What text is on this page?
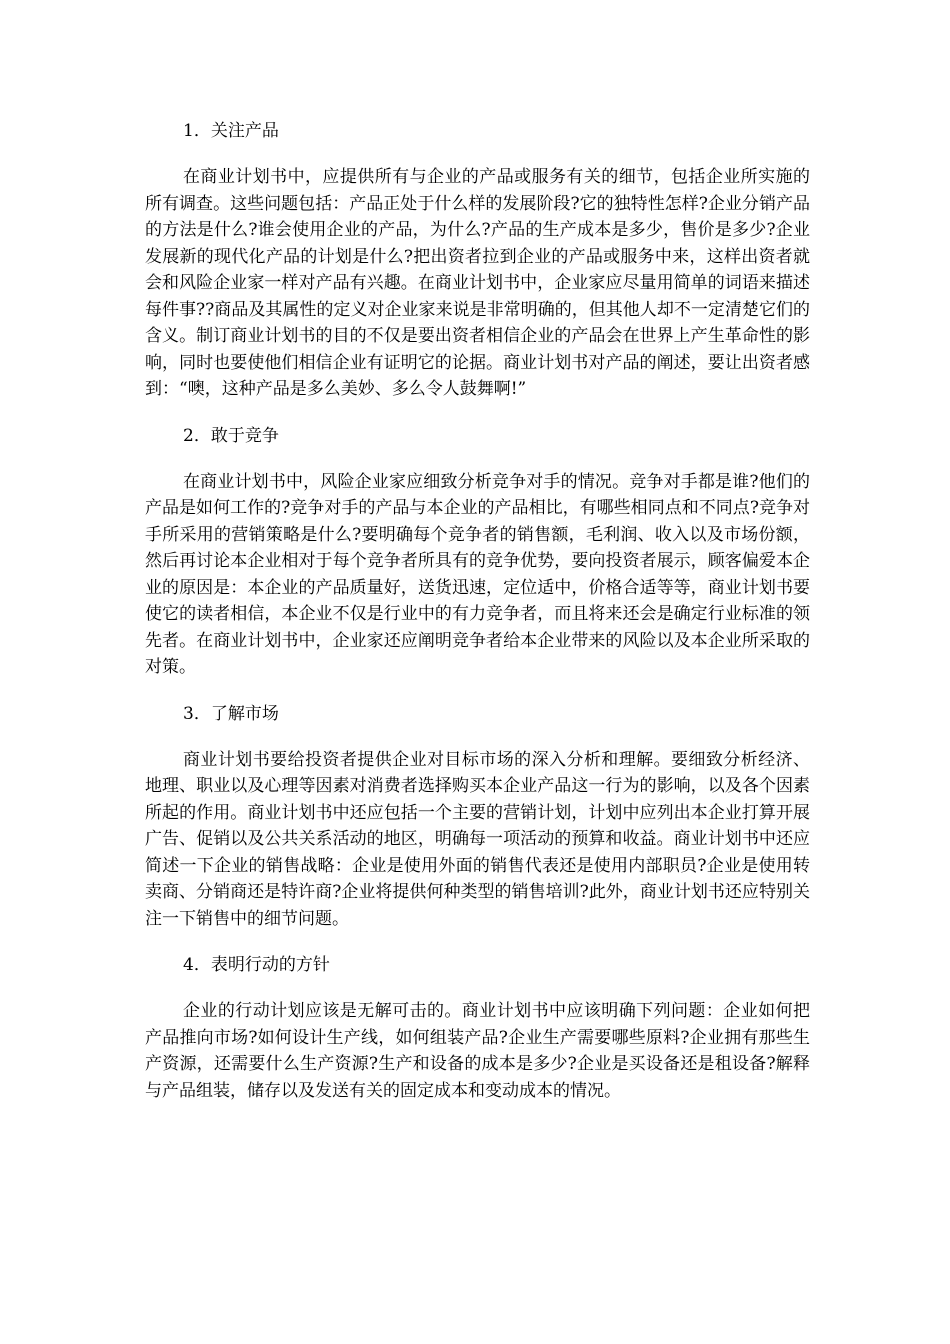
1．关注产品

在商业计划书中，应提供所有与企业的产品或服务有关的细节，包括企业所实施的所有调查。这些问题包括：产品正处于什么样的发展阶段?它的独特性怎样?企业分销产品的方法是什么?谁会使用企业的产品，为什么?产品的生产成本是多少，售价是多少?企业发展新的现代化产品的计划是什么?把出资者拉到企业的产品或服务中来，这样出资者就会和风险企业家一样对产品有兴趣。在商业计划书中，企业家应尽量用简单的词语来描述每件事??商品及其属性的定义对企业家来说是非常明确的，但其他人却不一定清楚它们的含义。制订商业计划书的目的不仅是要出资者相信企业的产品会在世界上产生革命性的影响，同时也要使他们相信企业有证明它的论据。商业计划书对产品的阐述，要让出资者感到：“噢，这种产品是多么美妙、多么令人鼓舞啊!”

2．敢于竞争

在商业计划书中，风险企业家应细致分析竞争对手的情况。竞争对手都是谁?他们的产品是如何工作的?竞争对手的产品与本企业的产品相比，有哪些相同点和不同点?竞争对手所采用的营销策略是什么?要明确每个竞争者的销售额，毛利润、收入以及市场份额，然后再讨论本企业相对于每个竞争者所具有的竞争优势，要向投资者展示，顾客偏爱本企业的原因是：本企业的产品质量好，送货迅速，定位适中，价格合适等等，商业计划书要使它的读者相信，本企业不仅是行业中的有力竞争者，而且将来还会是确定行业标准的领先者。在商业计划书中，企业家还应阐明竞争者给本企业带来的风险以及本企业所采取的对策。

3．了解市场

商业计划书要给投资者提供企业对目标市场的深入分析和理解。要细致分析经济、地理、职业以及心理等因素对消费者选择购买本企业产品这一行为的影响，以及各个因素所起的作用。商业计划书中还应包括一个主要的营销计划，计划中应列出本企业打算开展广告、促销以及公共关系活动的地区，明确每一项活动的预算和收益。商业计划书中还应简述一下企业的销售战略：企业是使用外面的销售代表还是使用内部职员?企业是使用转卖商、分销商还是特许商?企业将提供何种类型的销售培训?此外，商业计划书还应特别关注一下销售中的细节问题。

4．表明行动的方针

企业的行动计划应该是无解可击的。商业计划书中应该明确下列问题：企业如何把产品推向市场?如何设计生产线，如何组装产品?企业生产需要哪些原料?企业拥有那些生产资源，还需要什么生产资源?生产和设备的成本是多少?企业是买设备还是租设备?解释与产品组装，储存以及发送有关的固定成本和变动成本的情况。
